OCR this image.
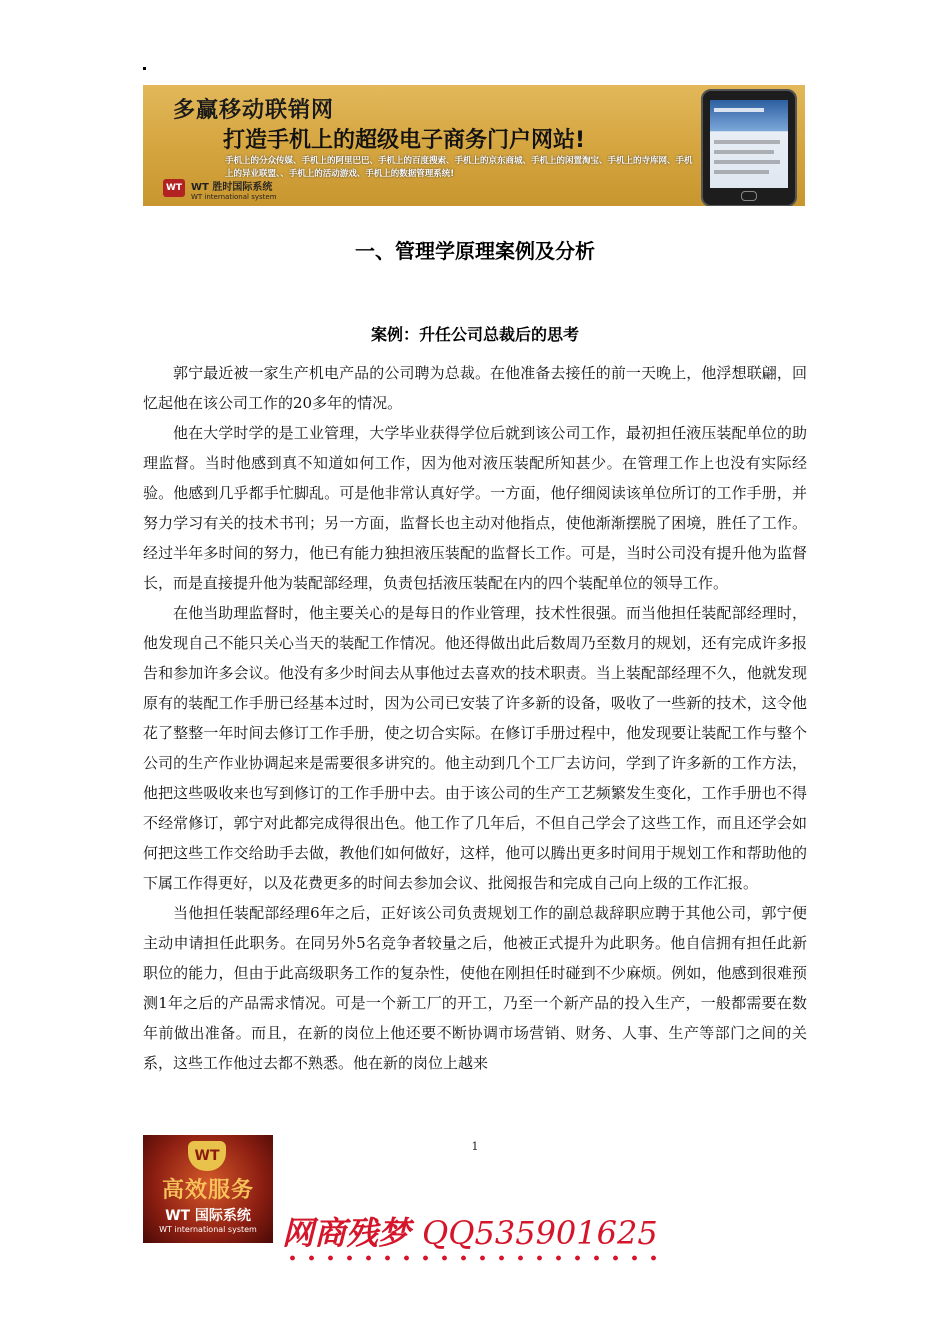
多赢移动联销网
打造手机上的超级电子商务门户网站!
手机上的分众传媒、手机上的阿里巴巴、手机上的百度搜索、手机上的京东商城、手机上的闲置淘宝、手机上的寺库网、手机上的异业联盟、、手机上的活动游戏、手机上的数据管理系统!
WT WT 胜时国际系统
WT international system
一、管理学原理案例及分析
案例：升任公司总裁后的思考

郭宁最近被一家生产机电产品的公司聘为总裁。在他准备去接任的前一天晚上，他浮想联翩，回忆起他在该公司工作的20多年的情况。

他在大学时学的是工业管理，大学毕业获得学位后就到该公司工作，最初担任液压装配单位的助理监督。当时他感到真不知道如何工作，因为他对液压装配所知甚少。在管理工作上也没有实际经验。他感到几乎都手忙脚乱。可是他非常认真好学。一方面，他仔细阅读该单位所订的工作手册，并努力学习有关的技术书刊；另一方面，监督长也主动对他指点，使他渐渐摆脱了困境，胜任了工作。经过半年多时间的努力，他已有能力独担液压装配的监督长工作。可是，当时公司没有提升他为监督长，而是直接提升他为装配部经理，负责包括液压装配在内的四个装配单位的领导工作。

在他当助理监督时，他主要关心的是每日的作业管理，技术性很强。而当他担任装配部经理时，他发现自己不能只关心当天的装配工作情况。他还得做出此后数周乃至数月的规划，还有完成许多报告和参加许多会议。他没有多少时间去从事他过去喜欢的技术职责。当上装配部经理不久，他就发现原有的装配工作手册已经基本过时，因为公司已安装了许多新的设备，吸收了一些新的技术，这令他花了整整一年时间去修订工作手册，使之切合实际。在修订手册过程中，他发现要让装配工作与整个公司的生产作业协调起来是需要很多讲究的。他主动到几个工厂去访问，学到了许多新的工作方法，他把这些吸收来也写到修订的工作手册中去。由于该公司的生产工艺频繁发生变化，工作手册也不得不经常修订，郭宁对此都完成得很出色。他工作了几年后，不但自己学会了这些工作，而且还学会如何把这些工作交给助手去做，教他们如何做好，这样，他可以腾出更多时间用于规划工作和帮助他的下属工作得更好，以及花费更多的时间去参加会议、批阅报告和完成自己向上级的工作汇报。

当他担任装配部经理6年之后，正好该公司负责规划工作的副总裁辞职应聘于其他公司，郭宁便主动申请担任此职务。在同另外5名竞争者较量之后，他被正式提升为此职务。他自信拥有担任此新职位的能力，但由于此高级职务工作的复杂性，使他在刚担任时碰到不少麻烦。例如，他感到很难预测1年之后的产品需求情况。可是一个新工厂的开工，乃至一个新产品的投入生产，一般都需要在数年前做出准备。而且，在新的岗位上他还要不断协调市场营销、财务、人事、生产等部门之间的关系，这些工作他过去都不熟悉。他在新的岗位上越来

1
WT
高效服务
WT 国际系统
WT international system 网商残梦 QQ535901625
